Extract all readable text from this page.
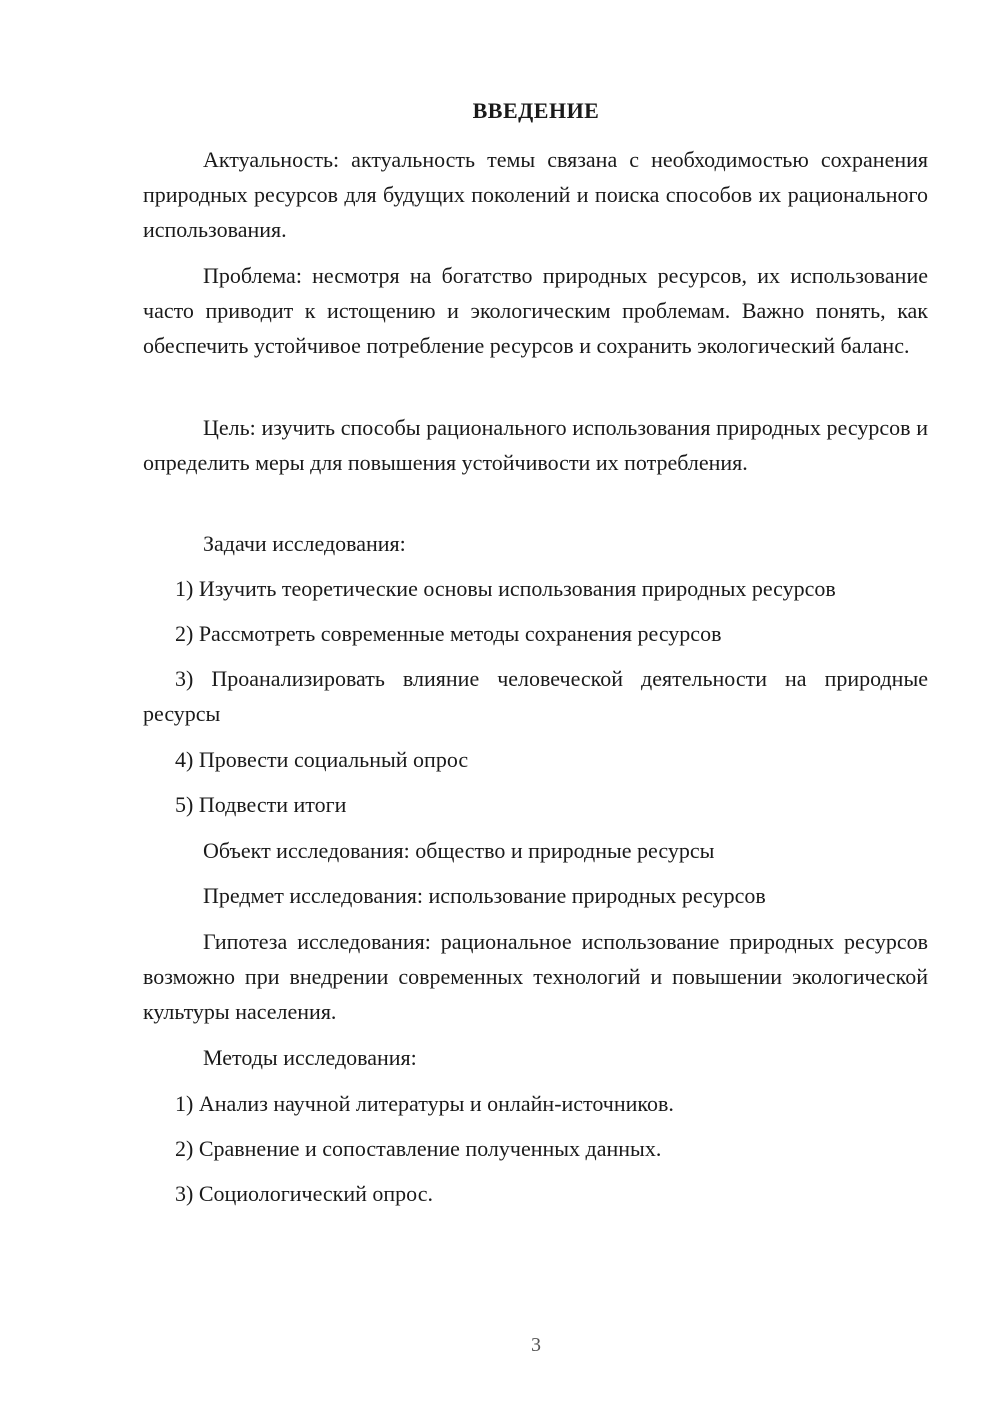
ВВЕДЕНИЕ

Актуальность: актуальность темы связана с необходимостью сохранения природных ресурсов для будущих поколений и поиска способов их рационального использования.

Проблема: несмотря на богатство природных ресурсов, их использование часто приводит к истощению и экологическим проблемам. Важно понять, как обеспечить устойчивое потребление ресурсов и сохранить экологический баланс.

Цель: изучить способы рационального использования природных ресурсов и определить меры для повышения устойчивости их потребления.

Задачи исследования:

1) Изучить теоретические основы использования природных ресурсов

2) Рассмотреть современные методы сохранения ресурсов

3) Проанализировать влияние человеческой деятельности на природные ресурсы

4) Провести социальный опрос

5) Подвести итоги

Объект исследования: общество и природные ресурсы

Предмет исследования: использование природных ресурсов

Гипотеза исследования: рациональное использование природных ресурсов возможно при внедрении современных технологий и повышении экологической культуры населения.

Методы исследования:

1) Анализ научной литературы и онлайн-источников.

2) Сравнение и сопоставление полученных данных.

3) Социологический опрос.

3
